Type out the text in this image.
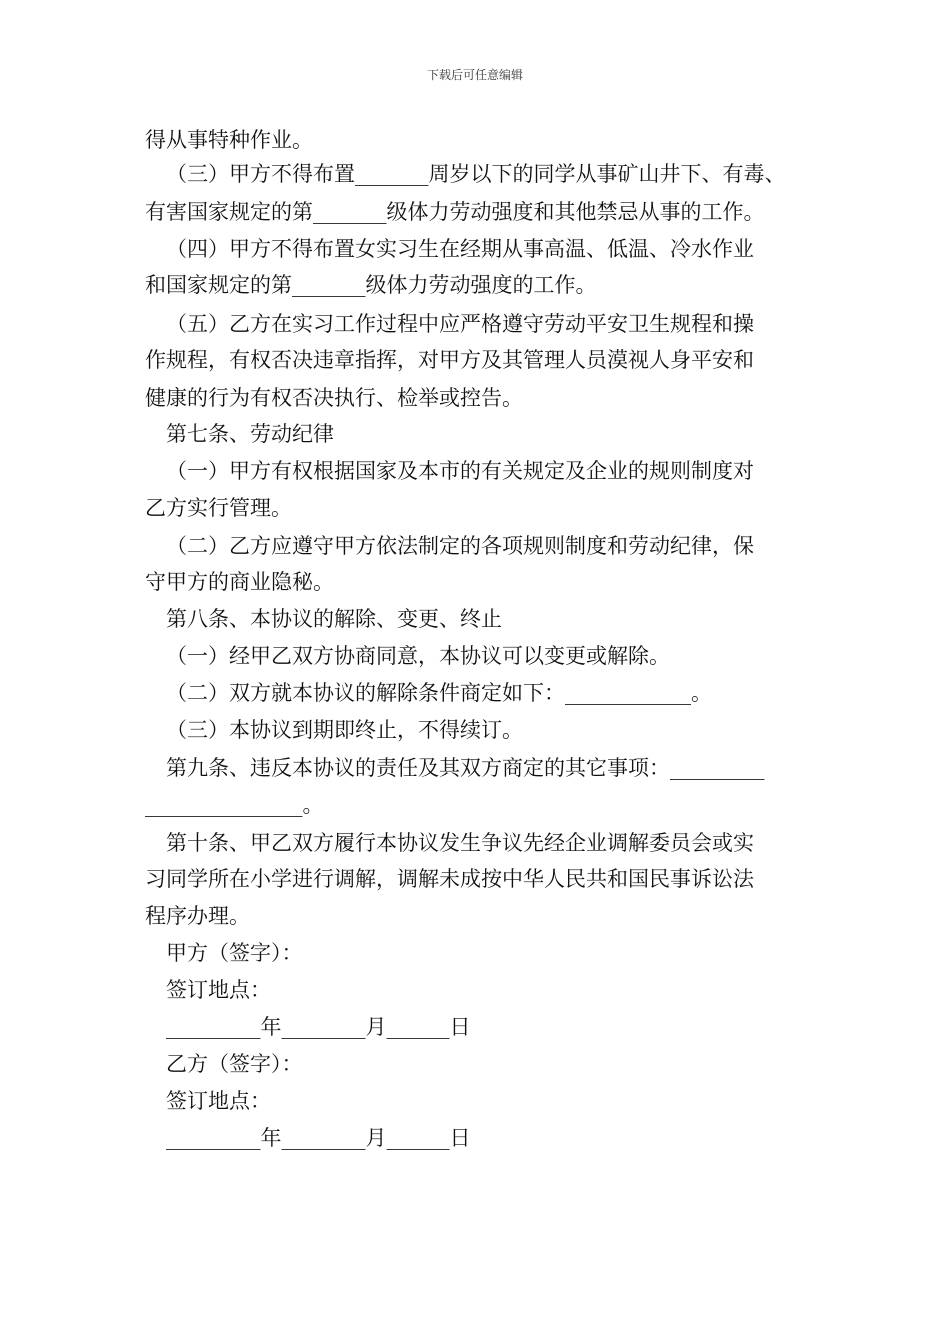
下载后可任意编辑
得从事特种作业。
（三）甲方不得布置_______周岁以下的同学从事矿山井下、有毒、
有害国家规定的第_______级体力劳动强度和其他禁忌从事的工作。
（四）甲方不得布置女实习生在经期从事高温、低温、冷水作业
和国家规定的第_______级体力劳动强度的工作。
（五）乙方在实习工作过程中应严格遵守劳动平安卫生规程和操
作规程，有权否决违章指挥，对甲方及其管理人员漠视人身平安和
健康的行为有权否决执行、检举或控告。
第七条、劳动纪律
（一）甲方有权根据国家及本市的有关规定及企业的规则制度对
乙方实行管理。
（二）乙方应遵守甲方依法制定的各项规则制度和劳动纪律，保
守甲方的商业隐秘。
第八条、本协议的解除、变更、终止
（一）经甲乙双方协商同意，本协议可以变更或解除。
（二）双方就本协议的解除条件商定如下：____________。
（三）本协议到期即终止，不得续订。
第九条、违反本协议的责任及其双方商定的其它事项：_________
_______________。
第十条、甲乙双方履行本协议发生争议先经企业调解委员会或实
习同学所在小学进行调解，调解未成按中华人民共和国民事诉讼法
程序办理。
甲方（签字）：
签订地点：
_________年________月______日
乙方（签字）：
签订地点：
_________年________月______日
